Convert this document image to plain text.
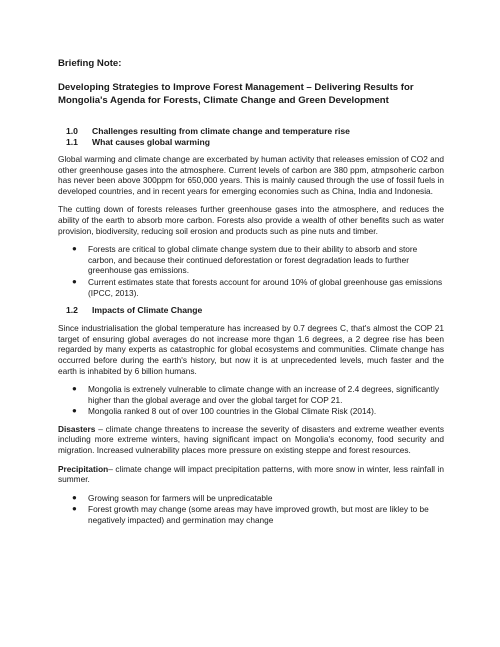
Briefing Note:
Developing Strategies to Improve Forest Management – Delivering Results for Mongolia's Agenda for Forests, Climate Change and Green Development
1.0	Challenges resulting from climate change and temperature rise
1.1	What causes global warming

Global warming and climate change are excerbated by human activity that releases emission of CO2 and other greenhouse gases into the atmosphere. Current levels of carbon are 380 ppm, atmpsoheric carbon has never been above 300ppm for 650,000 years. This is mainly caused through the use of fossil fuels in developed countries, and in recent years for emerging economies such as China, India and Indonesia.

The cutting down of forests releases further greenhouse gases into the atmosphere, and reduces the ability of the earth to absorb more carbon. Forests also provide a wealth of other benefits such as water provision, biodiversity, reducing soil erosion and products such as pine nuts and timber.

● Forests are critical to global climate change system due to their ability to absorb and store carbon, and because their continued deforestation or forest degradation leads to further greenhouse gas emissions.
● Current estimates state that forests account for around 10% of global greenhouse gas emissions (IPCC, 2013).
1.2	Impacts of Climate Change

Since industrialisation the global temperature has increased by 0.7 degrees C, that's almost the COP 21 target of ensuring global averages do not increase more thgan 1.6 degrees, a 2 degree rise has been regarded by many experts as catastrophic for global ecosystems and communities. Climate change has occurred before during the earth's history, but now it is at unprecedented levels, much faster and the earth is inhabited by 6 billion humans.

● Mongolia is extrenely vulnerable to climate change with an increase of 2.4 degrees, significantly higher than the global average and over the global target for COP 21.
● Mongolia ranked 8 out of over 100 countries in the Global Climate Risk (2014).

Disasters – climate change threatens to increase the severity of disasters and extreme weather events including more extreme winters, having significant impact on Mongolia's economy, food security and migration. Increased vulnerability places more pressure on existing steppe and forest resources.

Precipitation– climate change will impact precipitation patterns, with more snow in winter, less rainfall in summer.

● Growing season for farmers will be unpredicatable
● Forest growth may change (some areas may have improved growth, but most are likley to be negatively impacted) and germination may change
